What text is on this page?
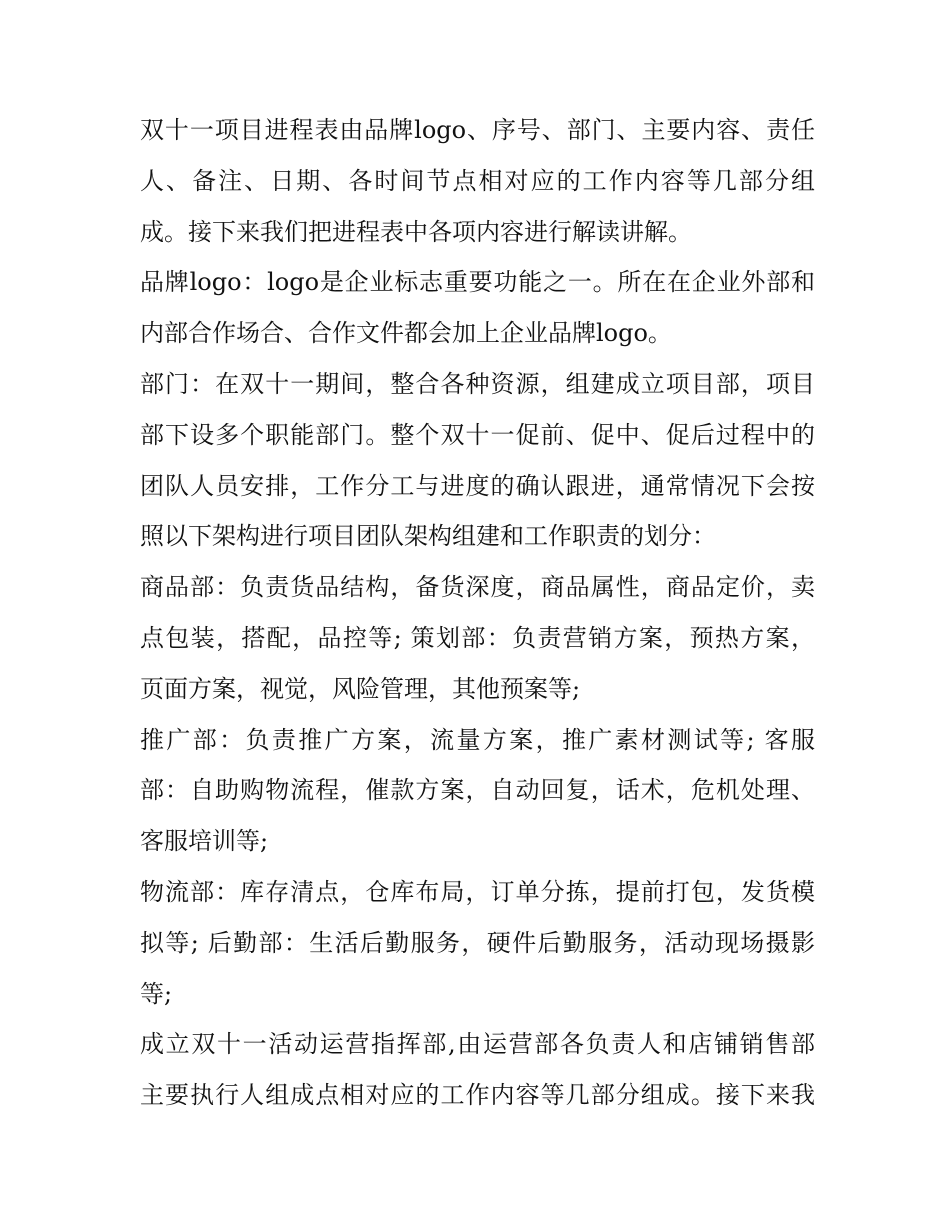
双十一项目进程表由品牌logo、序号、部门、主要内容、责任
人、备注、日期、各时间节点相对应的工作内容等几部分组
成。接下来我们把进程表中各项内容进行解读讲解。
品牌logo：logo是企业标志重要功能之一。所在在企业外部和
内部合作场合、合作文件都会加上企业品牌logo。
部门：在双十一期间，整合各种资源，组建成立项目部，项目
部下设多个职能部门。整个双十一促前、促中、促后过程中的
团队人员安排，工作分工与进度的确认跟进，通常情况下会按
照以下架构进行项目团队架构组建和工作职责的划分：
商品部：负责货品结构，备货深度，商品属性，商品定价，卖
点包装，搭配，品控等; 策划部：负责营销方案，预热方案，
页面方案，视觉，风险管理，其他预案等;
推广部：负责推广方案，流量方案，推广素材测试等; 客服
部：自助购物流程，催款方案，自动回复，话术，危机处理、
客服培训等;
物流部：库存清点，仓库布局，订单分拣，提前打包，发货模
拟等; 后勤部：生活后勤服务，硬件后勤服务，活动现场摄影
等;
成立双十一活动运营指挥部,由运营部各负责人和店铺销售部
主要执行人组成点相对应的工作内容等几部分组成。接下来我
